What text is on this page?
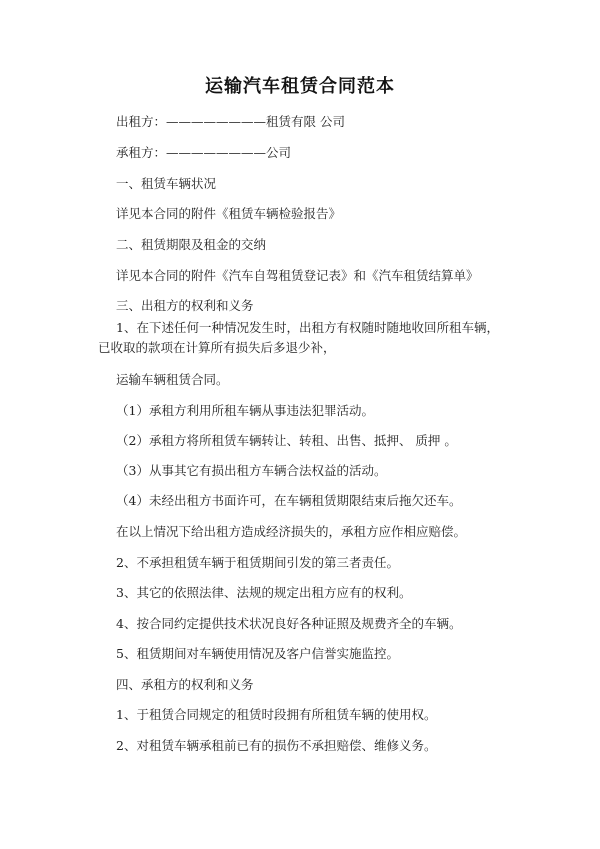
运输汽车租赁合同范本
出租方：————————租赁有限 公司
承租方：————————公司
一、租赁车辆状况
详见本合同的附件《租赁车辆检验报告》
二、租赁期限及租金的交纳
详见本合同的附件《汽车自驾租赁登记表》和《汽车租赁结算单》
三、出租方的权利和义务
1、在下述任何一种情况发生时，出租方有权随时随地收回所租车辆，已收取的款项在计算所有损失后多退少补，
运输车辆租赁合同。
（1）承租方利用所租车辆从事违法犯罪活动。
（2）承租方将所租赁车辆转让、转租、出售、抵押、 质押 。
（3）从事其它有损出租方车辆合法权益的活动。
（4）未经出租方书面许可，在车辆租赁期限结束后拖欠还车。
在以上情况下给出租方造成经济损失的，承租方应作相应赔偿。
2、不承担租赁车辆于租赁期间引发的第三者责任。
3、其它的依照法律、法规的规定出租方应有的权利。
4、按合同约定提供技术状况良好各种证照及规费齐全的车辆。
5、租赁期间对车辆使用情况及客户信誉实施监控。
四、承租方的权利和义务
1、于租赁合同规定的租赁时段拥有所租赁车辆的使用权。
2、对租赁车辆承租前已有的损伤不承担赔偿、维修义务。
